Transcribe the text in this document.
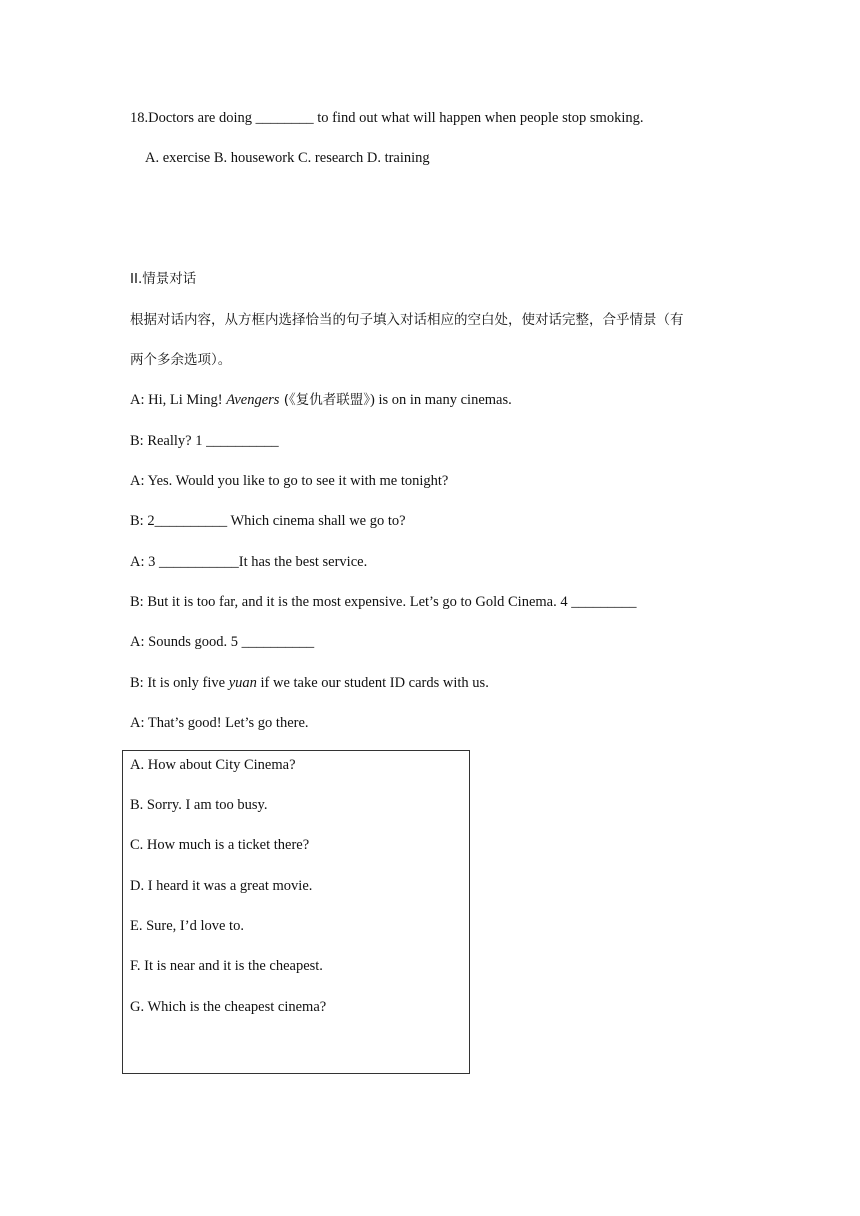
18.Doctors are doing ________ to find out what will happen when people stop smoking.
A. exercise B. housework C. research D. training
II.情景对话
根据对话内容，从方框内选择恰当的句子填入对话相应的空白处，使对话完整，合乎情景（有
两个多余选项）。
A: Hi, Li Ming! Avengers (《复仇者联盟》) is on in many cinemas.
B: Really? 1 __________
A: Yes. Would you like to go to see it with me tonight?
B: 2__________ Which cinema shall we go to?
A: 3 ___________It has the best service.
B: But it is too far, and it is the most expensive. Let’s go to Gold Cinema. 4 _________
A: Sounds good. 5 __________
B: It is only five yuan if we take our student ID cards with us.
A: That’s good! Let’s go there.
A. How about City Cinema?
B. Sorry. I am too busy.
C. How much is a ticket there?
D. I heard it was a great movie.
E. Sure, I’d love to.
F. It is near and it is the cheapest.
G. Which is the cheapest cinema?
